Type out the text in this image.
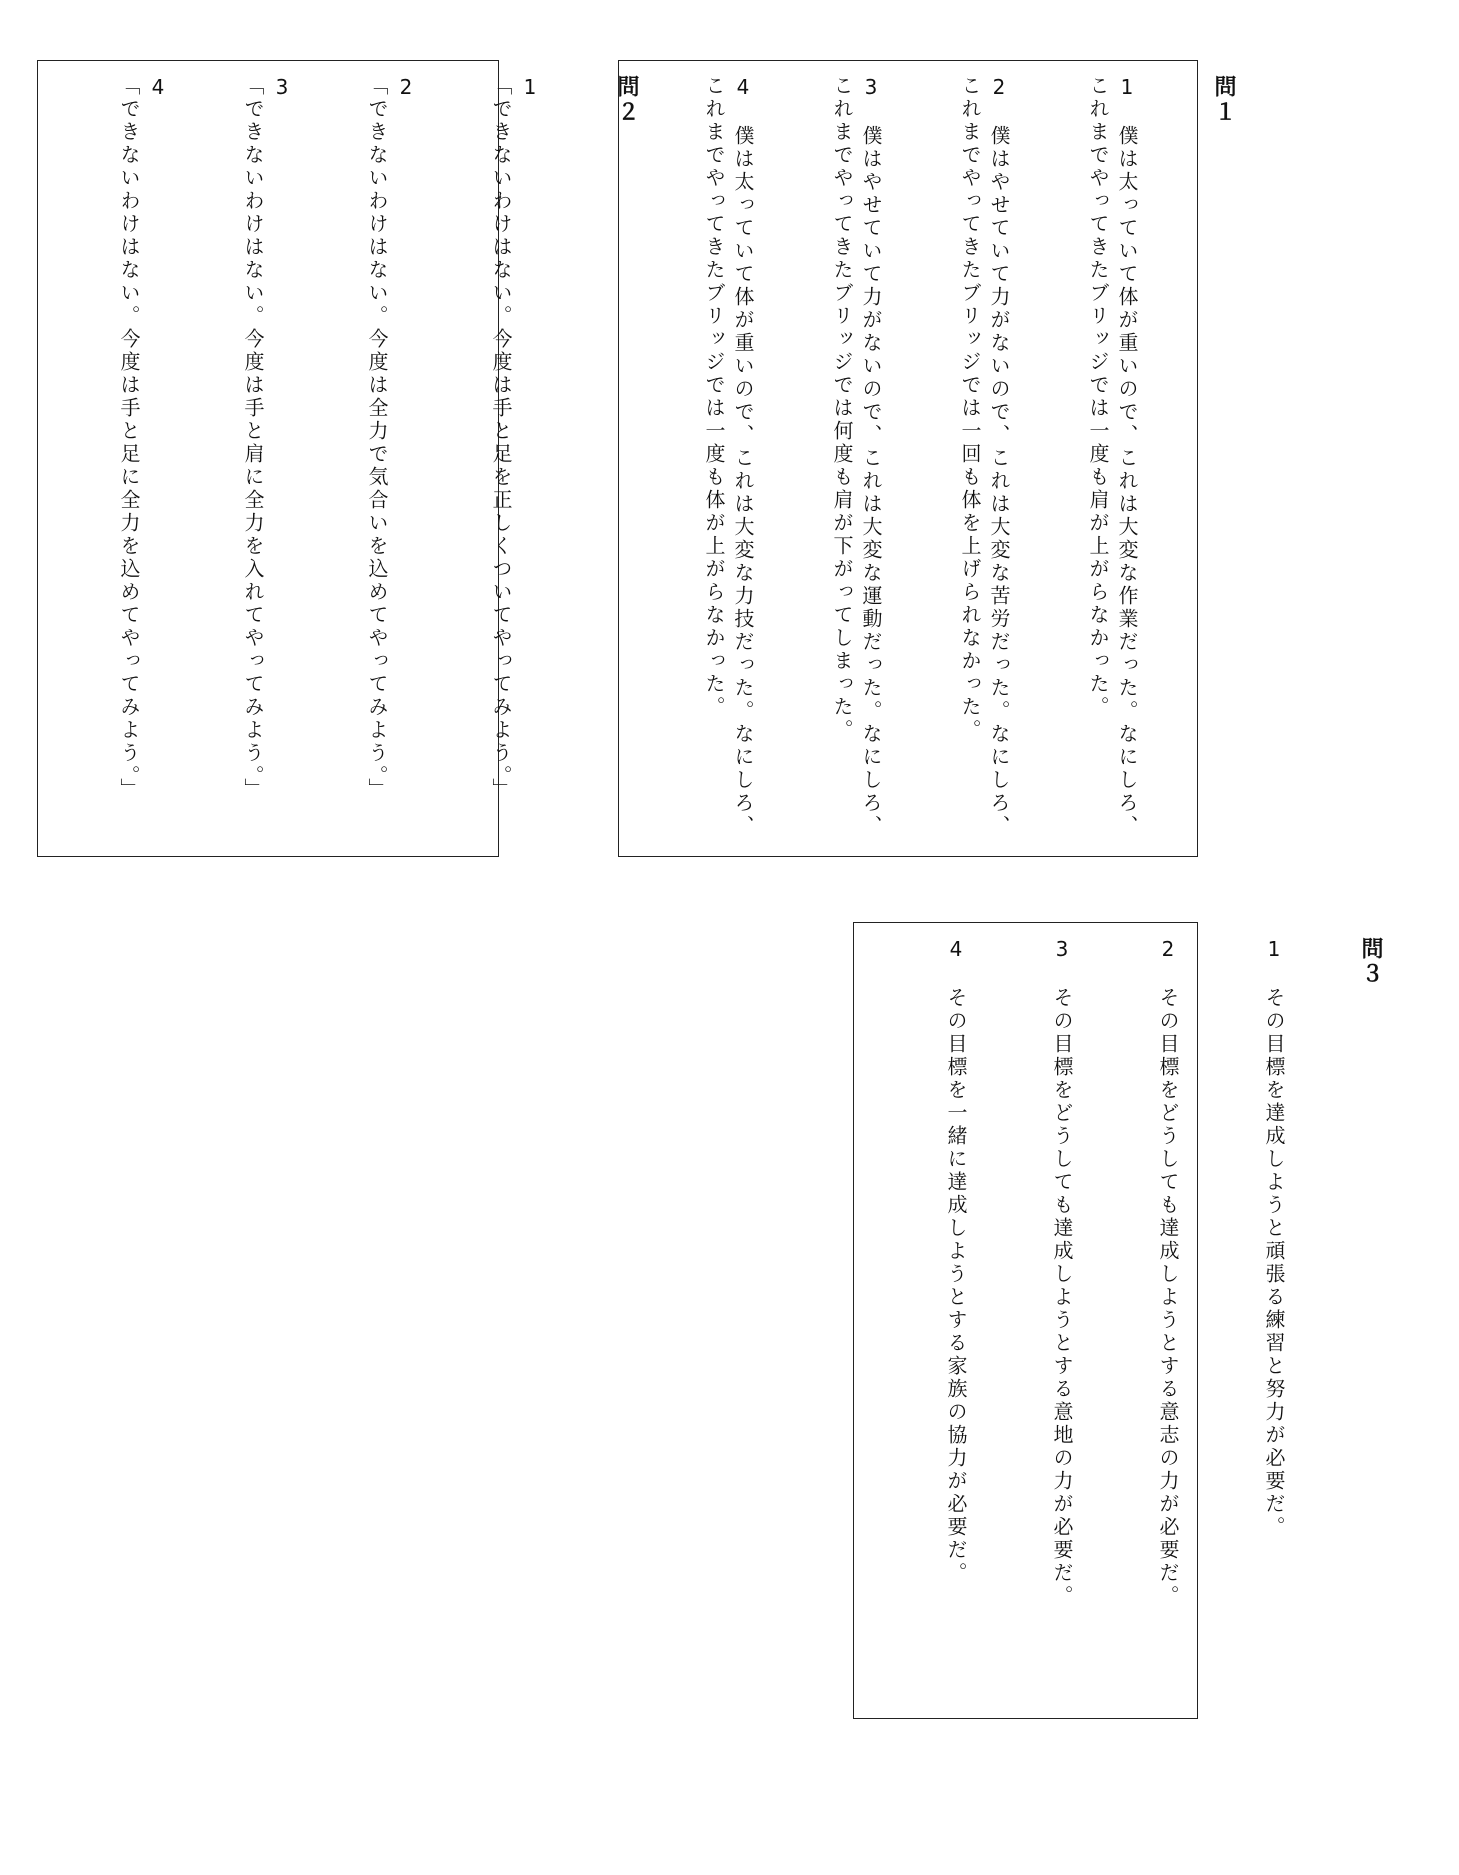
問１

1　僕は太っていて体が重いので、これは大変な作業だった。なにしろ、これまでやってきたブリッジでは一度も肩が上がらなかった。

2　僕はやせていて力がないので、これは大変な苦労だった。なにしろ、これまでやってきたブリッジでは一回も体を上げられなかった。

3　僕はやせていて力がないので、これは大変な運動だった。なにしろ、これまでやってきたブリッジでは何度も肩が下がってしまった。

4　僕は太っていて体が重いので、これは大変な力技だった。なにしろ、これまでやってきたブリッジでは一度も体が上がらなかった。

問２

1　「できないわけはない。今度は手と足を正しくついてやってみよう。」

2　「できないわけはない。今度は全力で気合いを込めてやってみよう。」

3　「できないわけはない。今度は手と肩に全力を入れてやってみよう。」

4　「できないわけはない。今度は手と足に全力を込めてやってみよう。」

問３

1　その目標を達成しようと頑張る練習と努力が必要だ。

2　その目標をどうしても達成しようとする意志の力が必要だ。

3　その目標をどうしても達成しようとする意地の力が必要だ。

4　その目標を一緒に達成しようとする家族の協力が必要だ。
